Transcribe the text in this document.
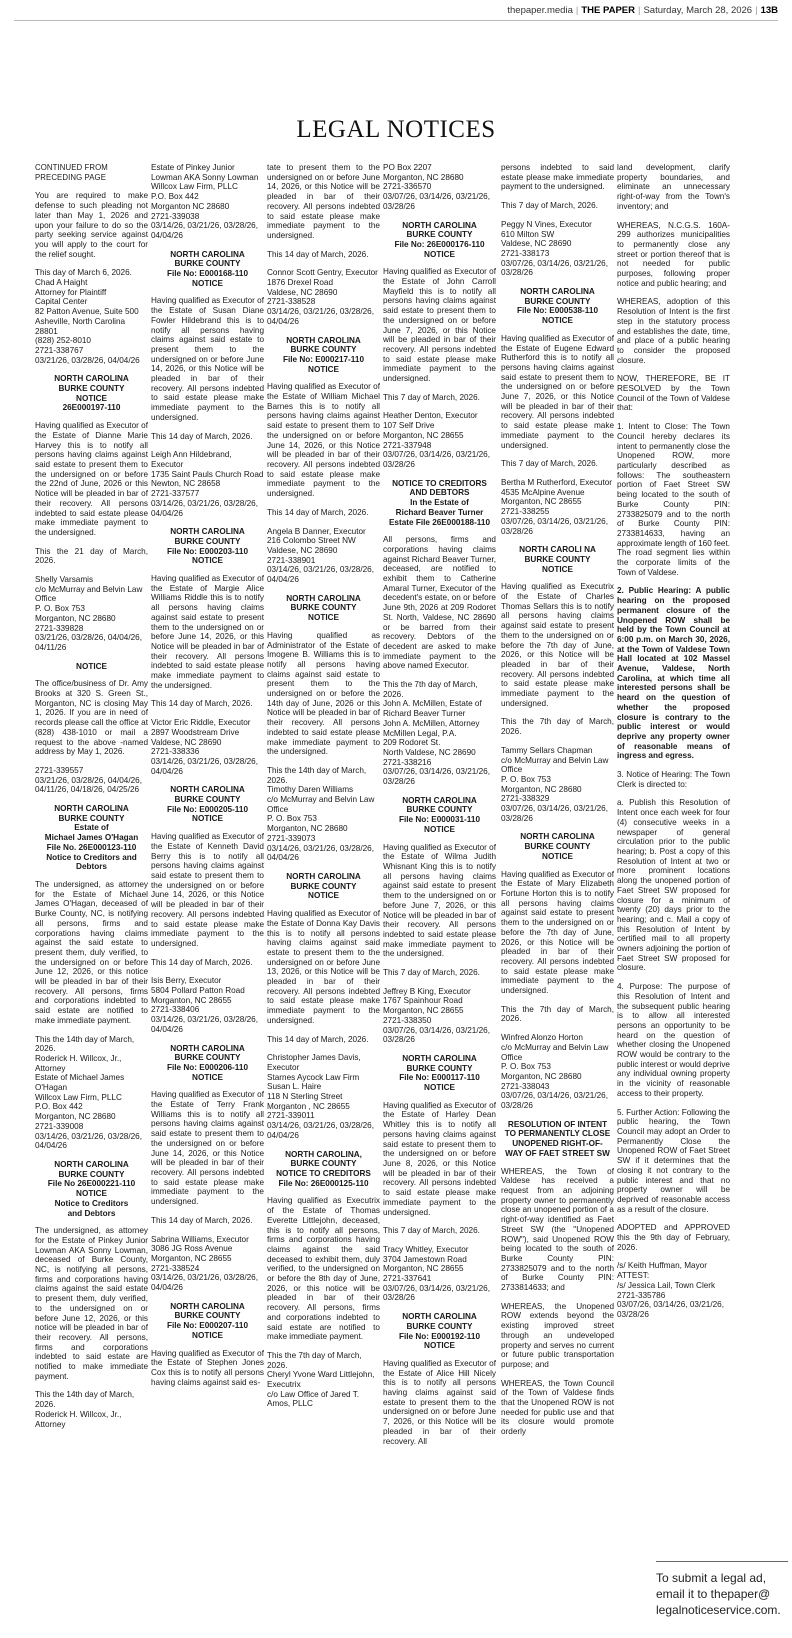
thepaper.media | THE PAPER | Saturday, March 28, 2026 | 13B
LEGAL NOTICES

CONTINUED FROM
PRECEDING PAGE

You are required to make defense to such pleading not later than May 1, 2026 and upon your failure to do so the party seeking service against you will apply to the court for the relief sought.

This day of March 6, 2026.
Chad A Haight
Attorney for Plaintiff
Capital Center
82 Patton Avenue, Suite 500
Asheville, North Carolina 28801
(828) 252-8010
2721-338767
03/21/26, 03/28/26, 04/04/26

NORTH CAROLINA
BURKE COUNTY
NOTICE
26E000197-110

Having qualified as Executor of the Estate of Dianne Marie Harvey this is to notify all persons having claims against said estate to present them to the undersigned on or before the 22nd of June, 2026 or this Notice will be pleaded in bar of their recovery. All persons indebted to said estate please make immediate payment to the undersigned.

This the 21 day of March, 2026.

Shelly Varsamis
c/o McMurray and Belvin Law Office
P. O. Box 753
Morganton, NC 28680
2721-339828
03/21/26, 03/28/26, 04/04/26, 04/11/26

NOTICE

The office/business of Dr. Amy Brooks at 320 S. Green St., Morganton, NC is closing May 1, 2026. If you are in need of records please call the office at (828) 438-1010 or mail a request to the above -named address by May 1, 2026.

2721-339557
03/21/26, 03/28/26, 04/04/26, 04/11/26, 04/18/26, 04/25/26

NORTH CAROLINA
BURKE COUNTY
Estate of
Michael James O'Hagan
File No. 26E000123-110
Notice to Creditors and
Debtors

The undersigned, as attorney for the Estate of Michael James O'Hagan, deceased of Burke County, NC, is notifying all persons, firms and corporations having claims against the said estate to present them, duly verified, to the undersigned on or before June 12, 2026, or this notice will be pleaded in bar of their recovery. All persons, firms and corporations indebted to said estate are notified to make immediate payment.

This the 14th day of March, 2026.
Roderick H. Willcox, Jr., Attorney
Estate of Michael James O'Hagan
Willcox Law Firm, PLLC
P.O. Box 442
Morganton, NC 28680
2721-339008
03/14/26, 03/21/26, 03/28/26, 04/04/26

NORTH CAROLINA
BURKE COUNTY
File No 26E000221-110
NOTICE
Notice to Creditors
and Debtors

The undersigned, as attorney for the Estate of Pinkey Junior Lowman AKA Sonny Lowman, deceased of Burke County, NC, is notifying all persons, firms and corporations having claims against the said estate to present them, duly verified, to the undersigned on or before June 12, 2026, or this notice will be pleaded in bar of their recovery. All persons, firms and corporations indebted to said estate are notified to make immediate payment.

This the 14th day of March, 2026.
Roderick H. Willcox, Jr., Attorney

Estate of Pinkey Junior Lowman AKA Sonny Lowman
Willcox Law Firm, PLLC
P.O. Box 442
Morganton NC 28680
2721-339038
03/14/26, 03/21/26, 03/28/26, 04/04/26

NORTH CAROLINA
BURKE COUNTY
File No: E000168-110
NOTICE

Having qualified as Executor of the Estate of Susan Diane Fowler Hildebrand this is to notify all persons having claims against said estate to present them to the undersigned on or before June 14, 2026, or this Notice will be pleaded in bar of their recovery. All persons indebted to said estate please make immediate payment to the undersigned.

This 14 day of March, 2026.

Leigh Ann Hildebrand, Executor
1735 Saint Pauls Church Road
Newton, NC 28658
2721-337577
03/14/26, 03/21/26, 03/28/26, 04/04/26

NORTH CAROLINA
BURKE COUNTY
File No: E000203-110
NOTICE

Having qualified as Executor of the Estate of Margie Alice Williams Riddle this is to notify all persons having claims against said estate to present them to the undersigned on or before June 14, 2026, or this Notice will be pleaded in bar of their recovery. All persons indebted to said estate please make immediate payment to the undersigned.

This 14 day of March, 2026.

Victor Eric Riddle, Executor
2897 Woodstream Drive
Valdese, NC 28690
2721-338336
03/14/26, 03/21/26, 03/28/26, 04/04/26

NORTH CAROLINA
BURKE COUNTY
File No: E000205-110
NOTICE

Having qualified as Executor of the Estate of Kenneth David Berry this is to notify all persons having claims against said estate to present them to the undersigned on or before June 14, 2026, or this Notice will be pleaded in bar of their recovery. All persons indebted to said estate please make immediate payment to the undersigned.

This 14 day of March, 2026.

Isis Berry, Executor
5804 Pollard Patton Road
Morganton, NC 28655
2721-338406
03/14/26, 03/21/26, 03/28/26, 04/04/26

NORTH CAROLINA
BURKE COUNTY
File No: E000206-110
NOTICE

Having qualified as Executor of the Estate of Terry Frank Williams this is to notify all persons having claims against said estate to present them to the undersigned on or before June 14, 2026, or this Notice will be pleaded in bar of their recovery. All persons indebted to said estate please make immediate payment to the undersigned.

This 14 day of March, 2026.

Sabrina Williams, Executor
3086 JG Ross Avenue
Morganton, NC 28655
2721-338524
03/14/26, 03/21/26, 03/28/26, 04/04/26

NORTH CAROLINA
BURKE COUNTY
File No: E000207-110
NOTICE

Having qualified as Executor of the Estate of Stephen Jones Cox this is to notify all persons having claims against said es-

tate to present them to the undersigned on or before June 14, 2026, or this Notice will be pleaded in bar of their recovery. All persons indebted to said estate please make immediate payment to the undersigned.

This 14 day of March, 2026.

Connor Scott Gentry, Executor
1876 Drexel Road
Valdese, NC 28690
2721-338528
03/14/26, 03/21/26, 03/28/26, 04/04/26

NORTH CAROLINA
BURKE COUNTY
File No: E000217-110
NOTICE

Having qualified as Executor of the Estate of William Michael Barnes this is to notify all persons having claims against said estate to present them to the undersigned on or before June 14, 2026, or this Notice will be pleaded in bar of their recovery. All persons indebted to said estate please make immediate payment to the undersigned.

This 14 day of March, 2026.

Angela B Danner, Executor
216 Colombo Street NW
Valdese, NC 28690
2721-338901
03/14/26, 03/21/26, 03/28/26, 04/04/26

NORTH CAROLINA
BURKE COUNTY
NOTICE

Having qualified as Administrator of the Estate of Imogene B. Williams this is to notify all persons having claims against said estate to present them to the undersigned on or before the 14th day of June, 2026 or this Notice will be pleaded in bar of their recovery. All persons indebted to said estate please make immediate payment to the undersigned.

This the 14th day of March, 2026.
Timothy Daren Williams
c/o McMurray and Belvin Law Office
P. O. Box 753
Morganton, NC 28680
2721-339073
03/14/26, 03/21/26, 03/28/26, 04/04/26

NORTH CAROLINA
BURKE COUNTY
NOTICE

Having qualified as Executor of the Estate of Donna Kay Davis this is to notify all persons having claims against said estate to present them to the undersigned on or before June 13, 2026, or this Notice will be pleaded in bar of their recovery. All persons indebted to said estate please make immediate payment to the undersigned.

This 14 day of March, 2026.

Christopher James Davis, Executor
Starnes Aycock Law Firm
Susan L. Haire
118 N Sterling Street
Morganton , NC 28655
2721-339011
03/14/26, 03/21/26, 03/28/26, 04/04/26

NORTH CAROLINA,
BURKE COUNTY
NOTICE TO CREDITORS
File No: 26E000125-110

Having qualified as Executrix of the Estate of Thomas Everette Littlejohn, deceased, this is to notify all persons, firms and corporations having claims against the said deceased to exhibit them, duly verified, to the undersigned on or before the 8th day of June, 2026, or this notice will be pleaded in bar of their recovery. All persons, firms and corporations indebted to said estate are notified to make immediate payment.

This the 7th day of March, 2026.
Cheryl Yvone Ward Littlejohn, Executrix
c/o Law Office of Jared T. Amos, PLLC

PO Box 2207
Morganton, NC 28680
2721-336570
03/07/26, 03/14/26, 03/21/26, 03/28/26

NORTH CAROLINA
BURKE COUNTY
File No: 26E000176-110
NOTICE

Having qualified as Executor of the Estate of John Carroll Mayfield this is to notify all persons having claims against said estate to present them to the undersigned on or before June 7, 2026, or this Notice will be pleaded in bar of their recovery. All persons indebted to said estate please make immediate payment to the undersigned.

This 7 day of March, 2026.

Heather Denton, Executor
107 Self Drive
Morganton, NC 28655
2721-337948
03/07/26, 03/14/26, 03/21/26, 03/28/26

NOTICE TO CREDITORS
AND DEBTORS
In the Estate of
Richard Beaver Turner
Estate File 26E000188-110

All persons, firms and corporations having claims against Richard Beaver Turner, deceased, are notified to exhibit them to Catherine Amaral Turner, Executor of the decedent's estate, on or before June 9th, 2026 at 209 Rodoret St. North, Valdese, NC 28690 or be barred from their recovery. Debtors of the decedent are asked to make immediate payment to the above named Executor.

This the 7th day of March, 2026.
John A. McMillen, Estate of Richard Beaver Turner
John A. McMillen, Attorney
McMillen Legal, P.A.
209 Rodoret St.
North Valdese, NC 28690
2721-338216
03/07/26, 03/14/26, 03/21/26, 03/28/26

NORTH CAROLINA
BURKE COUNTY
File No: E000031-110
NOTICE

Having qualified as Executor of the Estate of Wilma Judith Whisnant King this is to notify all persons having claims against said estate to present them to the undersigned on or before June 7, 2026, or this Notice will be pleaded in bar of their recovery. All persons indebted to said estate please make immediate payment to the undersigned.

This 7 day of March, 2026.

Jeffrey B King, Executor
1767 Spainhour Road
Morganton, NC 28655
2721-338350
03/07/26, 03/14/26, 03/21/26, 03/28/26

NORTH CAROLINA
BURKE COUNTY
File No: E000117-110
NOTICE

Having qualified as Executor of the Estate of Harley Dean Whitley this is to notify all persons having claims against said estate to present them to the undersigned on or before June 8, 2026, or this Notice will be pleaded in bar of their recovery. All persons indebted to said estate please make immediate payment to the undersigned.

This 7 day of March, 2026.

Tracy Whitley, Executor
3704 Jamestown Road
Morganton, NC 28655
2721-337641
03/07/26, 03/14/26, 03/21/26, 03/28/26

NORTH CAROLINA
BURKE COUNTY
File No: E000192-110
NOTICE

Having qualified as Executor of the Estate of Alice Hill Nicely this is to notify all persons having claims against said estate to present them to the undersigned on or before June 7, 2026, or this Notice will be pleaded in bar of their recovery. All

persons indebted to said estate please make immediate payment to the undersigned.

This 7 day of March, 2026.

Peggy N Vines, Executor
610 Milton SW
Valdese, NC 28690
2721-338173
03/07/26, 03/14/26, 03/21/26, 03/28/26

NORTH CAROLINA
BURKE COUNTY
File No: E000538-110
NOTICE

Having qualified as Executor of the Estate of Eugene Edward Rutherford this is to notify all persons having claims against said estate to present them to the undersigned on or before June 7, 2026, or this Notice will be pleaded in bar of their recovery. All persons indebted to said estate please make immediate payment to the undersigned.

This 7 day of March, 2026.

Bertha M Rutherford, Executor
4535 McAlpine Avenue
Morganton, NC 28655
2721-338255
03/07/26, 03/14/26, 03/21/26, 03/28/26

NORTH CAROLI NA
BURKE COUNTY
NOTICE

Having qualified as Executrix of the Estate of Charles Thomas Sellars this is to notify all persons having claims against said estate to present them to the undersigned on or before the 7th day of June, 2026, or this Notice will be pleaded in bar of their recovery. All persons indebted to said estate please make immediate payment to the undersigned.

This the 7th day of March, 2026.

Tammy Sellars Chapman
c/o McMurray and Belvin Law Office
P. O. Box 753
Morganton, NC 28680
2721-338329
03/07/26, 03/14/26, 03/21/26, 03/28/26

NORTH CAROLINA
BURKE COUNTY
NOTICE

Having qualified as Executor of the Estate of Mary Elizabeth Fortune Horton this is to notify all persons having claims against said estate to present them to the undersigned on or before the 7th day of June, 2026, or this Notice will be pleaded in bar of their recovery. All persons indebted to said estate please make immediate payment to the undersigned.

This the 7th day of March, 2026.

Winfred Alonzo Horton
c/o McMurray and Belvin Law Office
P. O. Box 753
Morganton, NC 28680
2721-338043
03/07/26, 03/14/26, 03/21/26, 03/28/26

RESOLUTION OF INTENT
TO PERMANENTLY CLOSE
UNOPENED RIGHT-OF-
WAY OF FAET STREET SW

WHEREAS, the Town of Valdese has received a request from an adjoining property owner to permanently close an unopened portion of a right-of-way identified as Faet Street SW (the "Unopened ROW"), said Unopened ROW being located to the south of Burke County PIN: 2733825079 and to the north of Burke County PIN: 2733814633; and

WHEREAS, the Unopened ROW extends beyond the existing improved street through an undeveloped property and serves no current or future public transportation purpose; and

WHEREAS, the Town Council of the Town of Valdese finds that the Unopened ROW is not needed for public use and that its closure would promote orderly

land development, clarify property boundaries, and eliminate an unnecessary right-of-way from the Town's inventory; and

WHEREAS, N.C.G.S. 160A-299 authorizes municipalities to permanently close any street or portion thereof that is not needed for public purposes, following proper notice and public hearing; and

WHEREAS, adoption of this Resolution of Intent is the first step in the statutory process and establishes the date, time, and place of a public hearing to consider the proposed closure.

NOW, THEREFORE, BE IT RESOLVED by the Town Council of the Town of Valdese that:

1. Intent to Close: The Town Council hereby declares its intent to permanently close the Unopened ROW, more particularly described as follows: The southeastern portion of Faet Street SW being located to the south of Burke County PIN: 2733825079 and to the north of Burke County PIN: 2733814633, having an approximate length of 160 feet. The road segment lies within the corporate limits of the Town of Valdese.

2. Public Hearing: A public hearing on the proposed permanent closure of the Unopened ROW shall be held by the Town Council at 6:00 p.m. on March 30, 2026, at the Town of Valdese Town Hall located at 102 Massel Avenue, Valdese, North Carolina, at which time all interested persons shall be heard on the question of whether the proposed closure is contrary to the public interest or would deprive any property owner of reasonable means of ingress and egress.

3. Notice of Hearing: The Town Clerk is directed to:

a. Publish this Resolution of Intent once each week for four (4) consecutive weeks in a newspaper of general circulation prior to the public hearing; b. Post a copy of this Resolution of Intent at two or more prominent locations along the unopened portion of Faet Street SW proposed for closure for a minimum of twenty (20) days prior to the hearing; and c. Mail a copy of this Resolution of Intent by certified mail to all property owners adjoining the portion of Faet Street SW proposed for closure.

4. Purpose: The purpose of this Resolution of Intent and the subsequent public hearing is to allow all interested persons an opportunity to be heard on the question of whether closing the Unopened ROW would be contrary to the public interest or would deprive any individual owning property in the vicinity of reasonable access to their property.

5. Further Action: Following the public hearing, the Town Council may adopt an Order to Permanently Close the Unopened ROW of Faet Street SW if it determines that the closing it not contrary to the public interest and that no property owner will be deprived of reasonable access as a result of the closure.

ADOPTED and APPROVED this the 9th day of February, 2026.

/s/ Keith Huffman, Mayor
ATTEST:
/s/ Jessica Lail, Town Clerk
2721-335786
03/07/26, 03/14/26, 03/21/26, 03/28/26

To submit a legal ad, email it to thepaper@ legalnoticeservice.com.
